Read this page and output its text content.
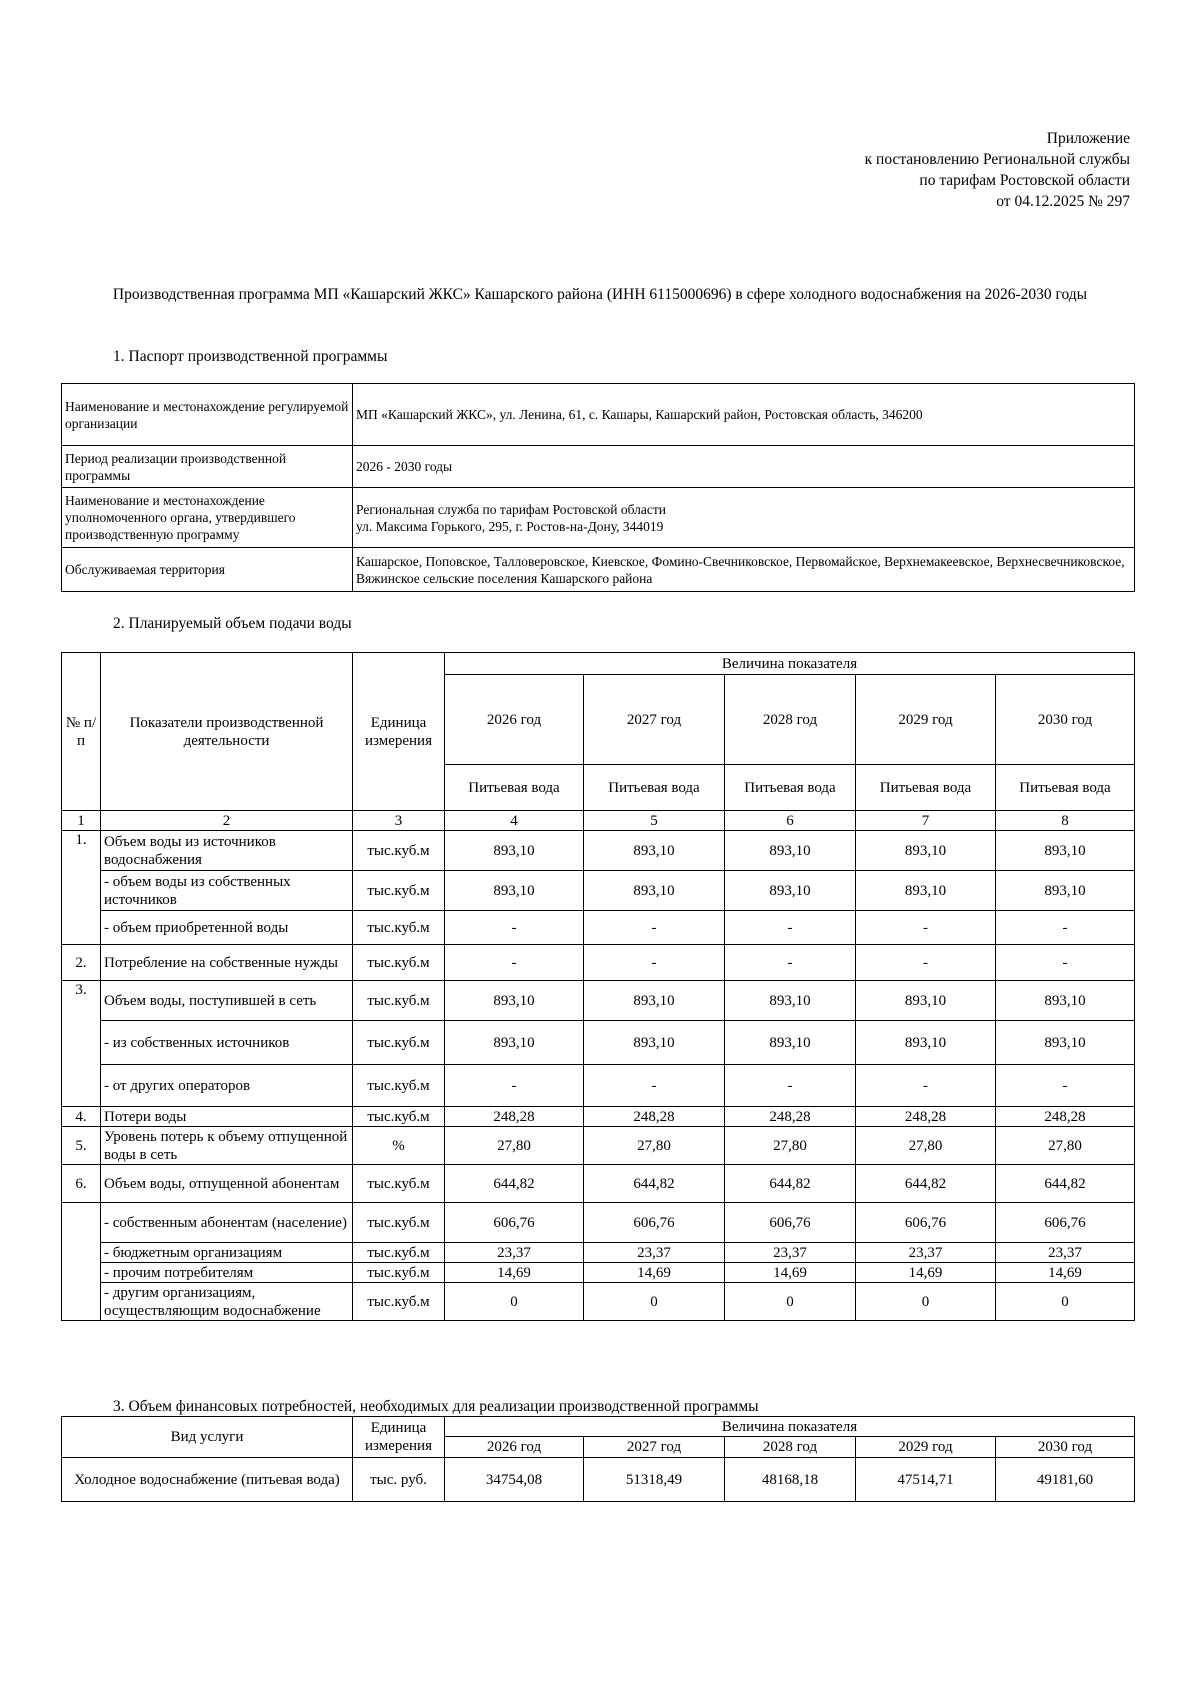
Приложение
к постановлению Региональной службы
по тарифам Ростовской области
от 04.12.2025 № 297
Производственная программа МП «Кашарский ЖКС» Кашарского района (ИНН 6115000696) в сфере холодного водоснабжения на 2026-2030 годы
1. Паспорт производственной программы
Наименование и местонахождение регулируемой организации	МП «Кашарский ЖКС», ул. Ленина, 61, с. Кашары, Кашарский район, Ростовская область, 346200
Период реализации производственной программы	2026 - 2030 годы
Наименование и местонахождение уполномоченного органа, утвердившего производственную программу	Региональная служба по тарифам Ростовской области
ул. Максима Горького, 295, г. Ростов-на-Дону, 344019

Обслуживаемая территория	Кашарское, Поповское, Талловеровское, Киевское, Фомино-Свечниковское, Первомайское, Верхнемакеевское, Верхнесвечниковское, Вяжинское сельские поселения Кашарского района
2. Планируемый объем подачи воды
№ п/п	Показатели производственной деятельности	Единица измерения	Величина показателя				
			2026 год	2027 год	2028 год	2029 год	2030 год
			Питьевая вода	Питьевая вода	Питьевая вода	Питьевая вода	Питьевая вода
1	2	3	4	5	6	7	8
1.	Объем воды из источников водоснабжения	тыс.куб.м	893,10	893,10	893,10	893,10	893,10
	- объем воды из собственных источников	тыс.куб.м	893,10	893,10	893,10	893,10	893,10
	- объем приобретенной воды	тыс.куб.м	-	-	-	-	-
2.	Потребление на собственные нужды	тыс.куб.м	-	-	-	-	-
3.	Объем воды, поступившей в сеть	тыс.куб.м	893,10	893,10	893,10	893,10	893,10
	- из собственных источников	тыс.куб.м	893,10	893,10	893,10	893,10	893,10
	- от других операторов	тыс.куб.м	-	-	-	-	-
4.	Потери воды	тыс.куб.м	248,28	248,28	248,28	248,28	248,28
5.	Уровень потерь к объему отпущенной воды в сеть	%	27,80	27,80	27,80	27,80	27,80
6.	Объем воды, отпущенной абонентам	тыс.куб.м	644,82	644,82	644,82	644,82	644,82
	- собственным абонентам (население)	тыс.куб.м	606,76	606,76	606,76	606,76	606,76
	- бюджетным организациям	тыс.куб.м	23,37	23,37	23,37	23,37	23,37
	- прочим потребителям	тыс.куб.м	14,69	14,69	14,69	14,69	14,69
	- другим организациям, осуществляющим водоснабжение	тыс.куб.м	0	0	0	0	0
3. Объем финансовых потребностей, необходимых для реализации производственной программы
Вид услуги	Единица измерения	Величина показателя				
		2026 год	2027 год	2028 год	2029 год	2030 год
Холодное водоснабжение (питьевая вода)	тыс. руб.	34754,08	51318,49	48168,18	47514,71	49181,60
